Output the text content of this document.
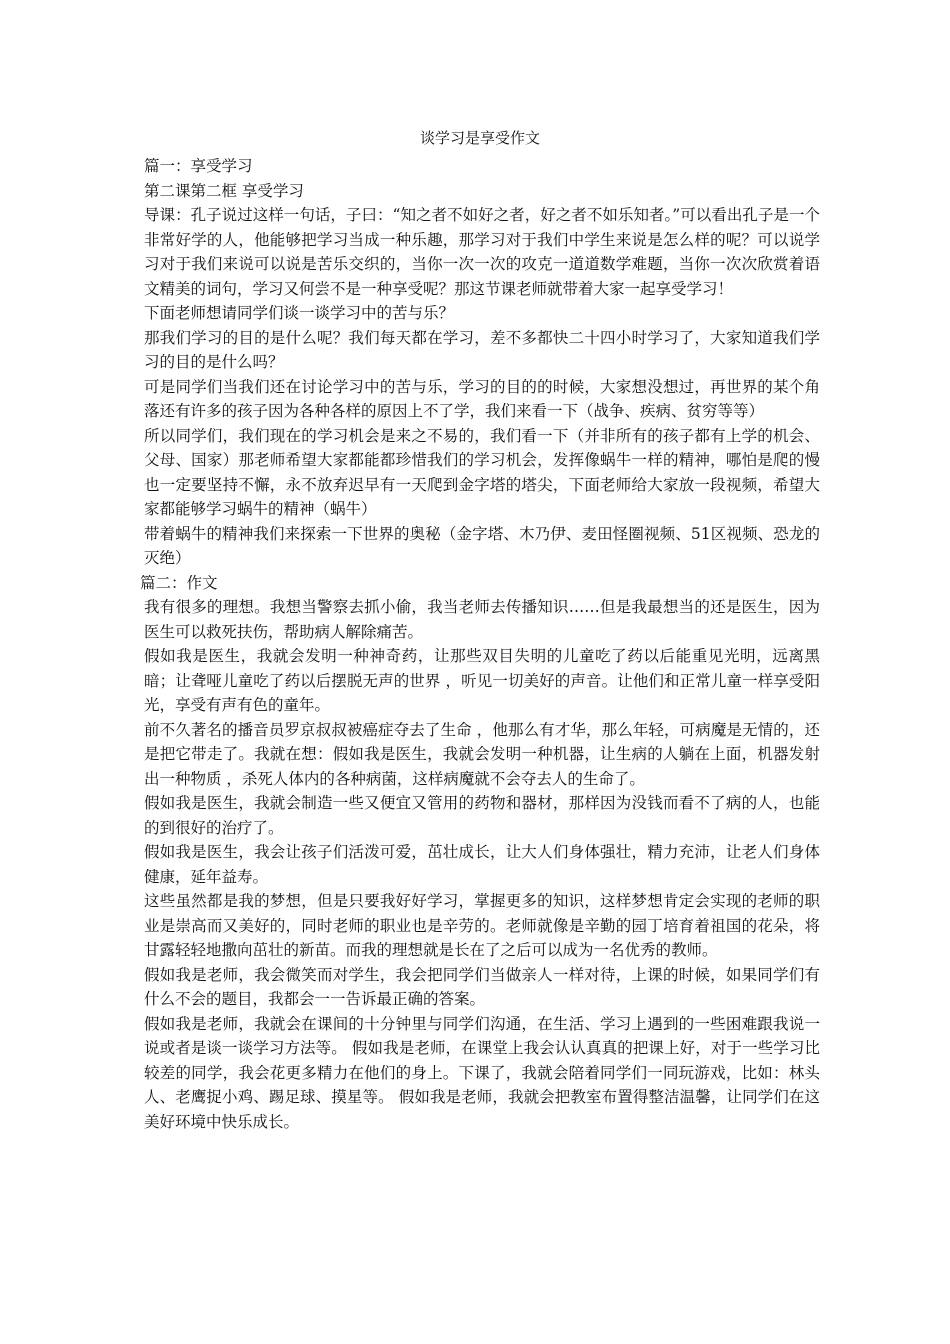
谈学习是享受作文

篇一：享受学习

第二课第二框 享受学习

导课：孔子说过这样一句话，子曰：“知之者不如好之者，好之者不如乐知者。”可以看出孔子是一个非常好学的人，他能够把学习当成一种乐趣，那学习对于我们中学生来说是怎么样的呢？可以说学习对于我们来说可以说是苦乐交织的，当你一次一次的攻克一道道数学难题，当你一次次欣赏着语文精美的词句，学习又何尝不是一种享受呢？那这节课老师就带着大家一起享受学习！

下面老师想请同学们谈一谈学习中的苦与乐？

那我们学习的目的是什么呢？我们每天都在学习，差不多都快二十四小时学习了，大家知道我们学习的目的是什么吗？

可是同学们当我们还在讨论学习中的苦与乐，学习的目的的时候，大家想没想过，再世界的某个角落还有许多的孩子因为各种各样的原因上不了学，我们来看一下（战争、疾病、贫穷等等）

所以同学们，我们现在的学习机会是来之不易的，我们看一下（并非所有的孩子都有上学的机会、父母、国家）那老师希望大家都能都珍惜我们的学习机会，发挥像蜗牛一样的精神，哪怕是爬的慢也一定要坚持不懈，永不放弃迟早有一天爬到金字塔的塔尖，下面老师给大家放一段视频，希望大家都能够学习蜗牛的精神（蜗牛）

带着蜗牛的精神我们来探索一下世界的奥秘（金字塔、木乃伊、麦田怪圈视频、51区视频、恐龙的灭绝）

篇二：作文

我有很多的理想。我想当警察去抓小偷，我当老师去传播知识……但是我最想当的还是医生，因为医生可以救死扶伤，帮助病人解除痛苦。

假如我是医生，我就会发明一种神奇药，让那些双目失明的儿童吃了药以后能重见光明，远离黑暗；让聋哑儿童吃了药以后摆脱无声的世界 ，听见一切美好的声音。让他们和正常儿童一样享受阳光，享受有声有色的童年。

前不久著名的播音员罗京叔叔被癌症夺去了生命 ，他那么有才华，那么年轻，可病魔是无情的，还是把它带走了。我就在想：假如我是医生，我就会发明一种机器，让生病的人躺在上面，机器发射出一种物质 ，杀死人体内的各种病菌，这样病魔就不会夺去人的生命了。

假如我是医生，我就会制造一些又便宜又管用的药物和器材，那样因为没钱而看不了病的人，也能的到很好的治疗了。

假如我是医生，我会让孩子们活泼可爱，茁壮成长，让大人们身体强壮，精力充沛，让老人们身体健康，延年益寿。

这些虽然都是我的梦想，但是只要我好好学习，掌握更多的知识，这样梦想肯定会实现的老师的职业是崇高而又美好的，同时老师的职业也是辛劳的。老师就像是辛勤的园丁培育着祖国的花朵，将甘露轻轻地撒向茁壮的新苗。而我的理想就是长在了之后可以成为一名优秀的教师。

假如我是老师，我会微笑而对学生，我会把同学们当做亲人一样对待，上课的时候，如果同学们有什么不会的题目，我都会一一告诉最正确的答案。

假如我是老师，我就会在课间的十分钟里与同学们沟通，在生活、学习上遇到的一些困难跟我说一说或者是谈一谈学习方法等。 假如我是老师，在课堂上我会认认真真的把课上好，对于一些学习比较差的同学，我会花更多精力在他们的身上。下课了，我就会陪着同学们一同玩游戏，比如：林头人、老鹰捉小鸡、踢足球、摸星等。 假如我是老师，我就会把教室布置得整洁温馨，让同学们在这美好环境中快乐成长。
